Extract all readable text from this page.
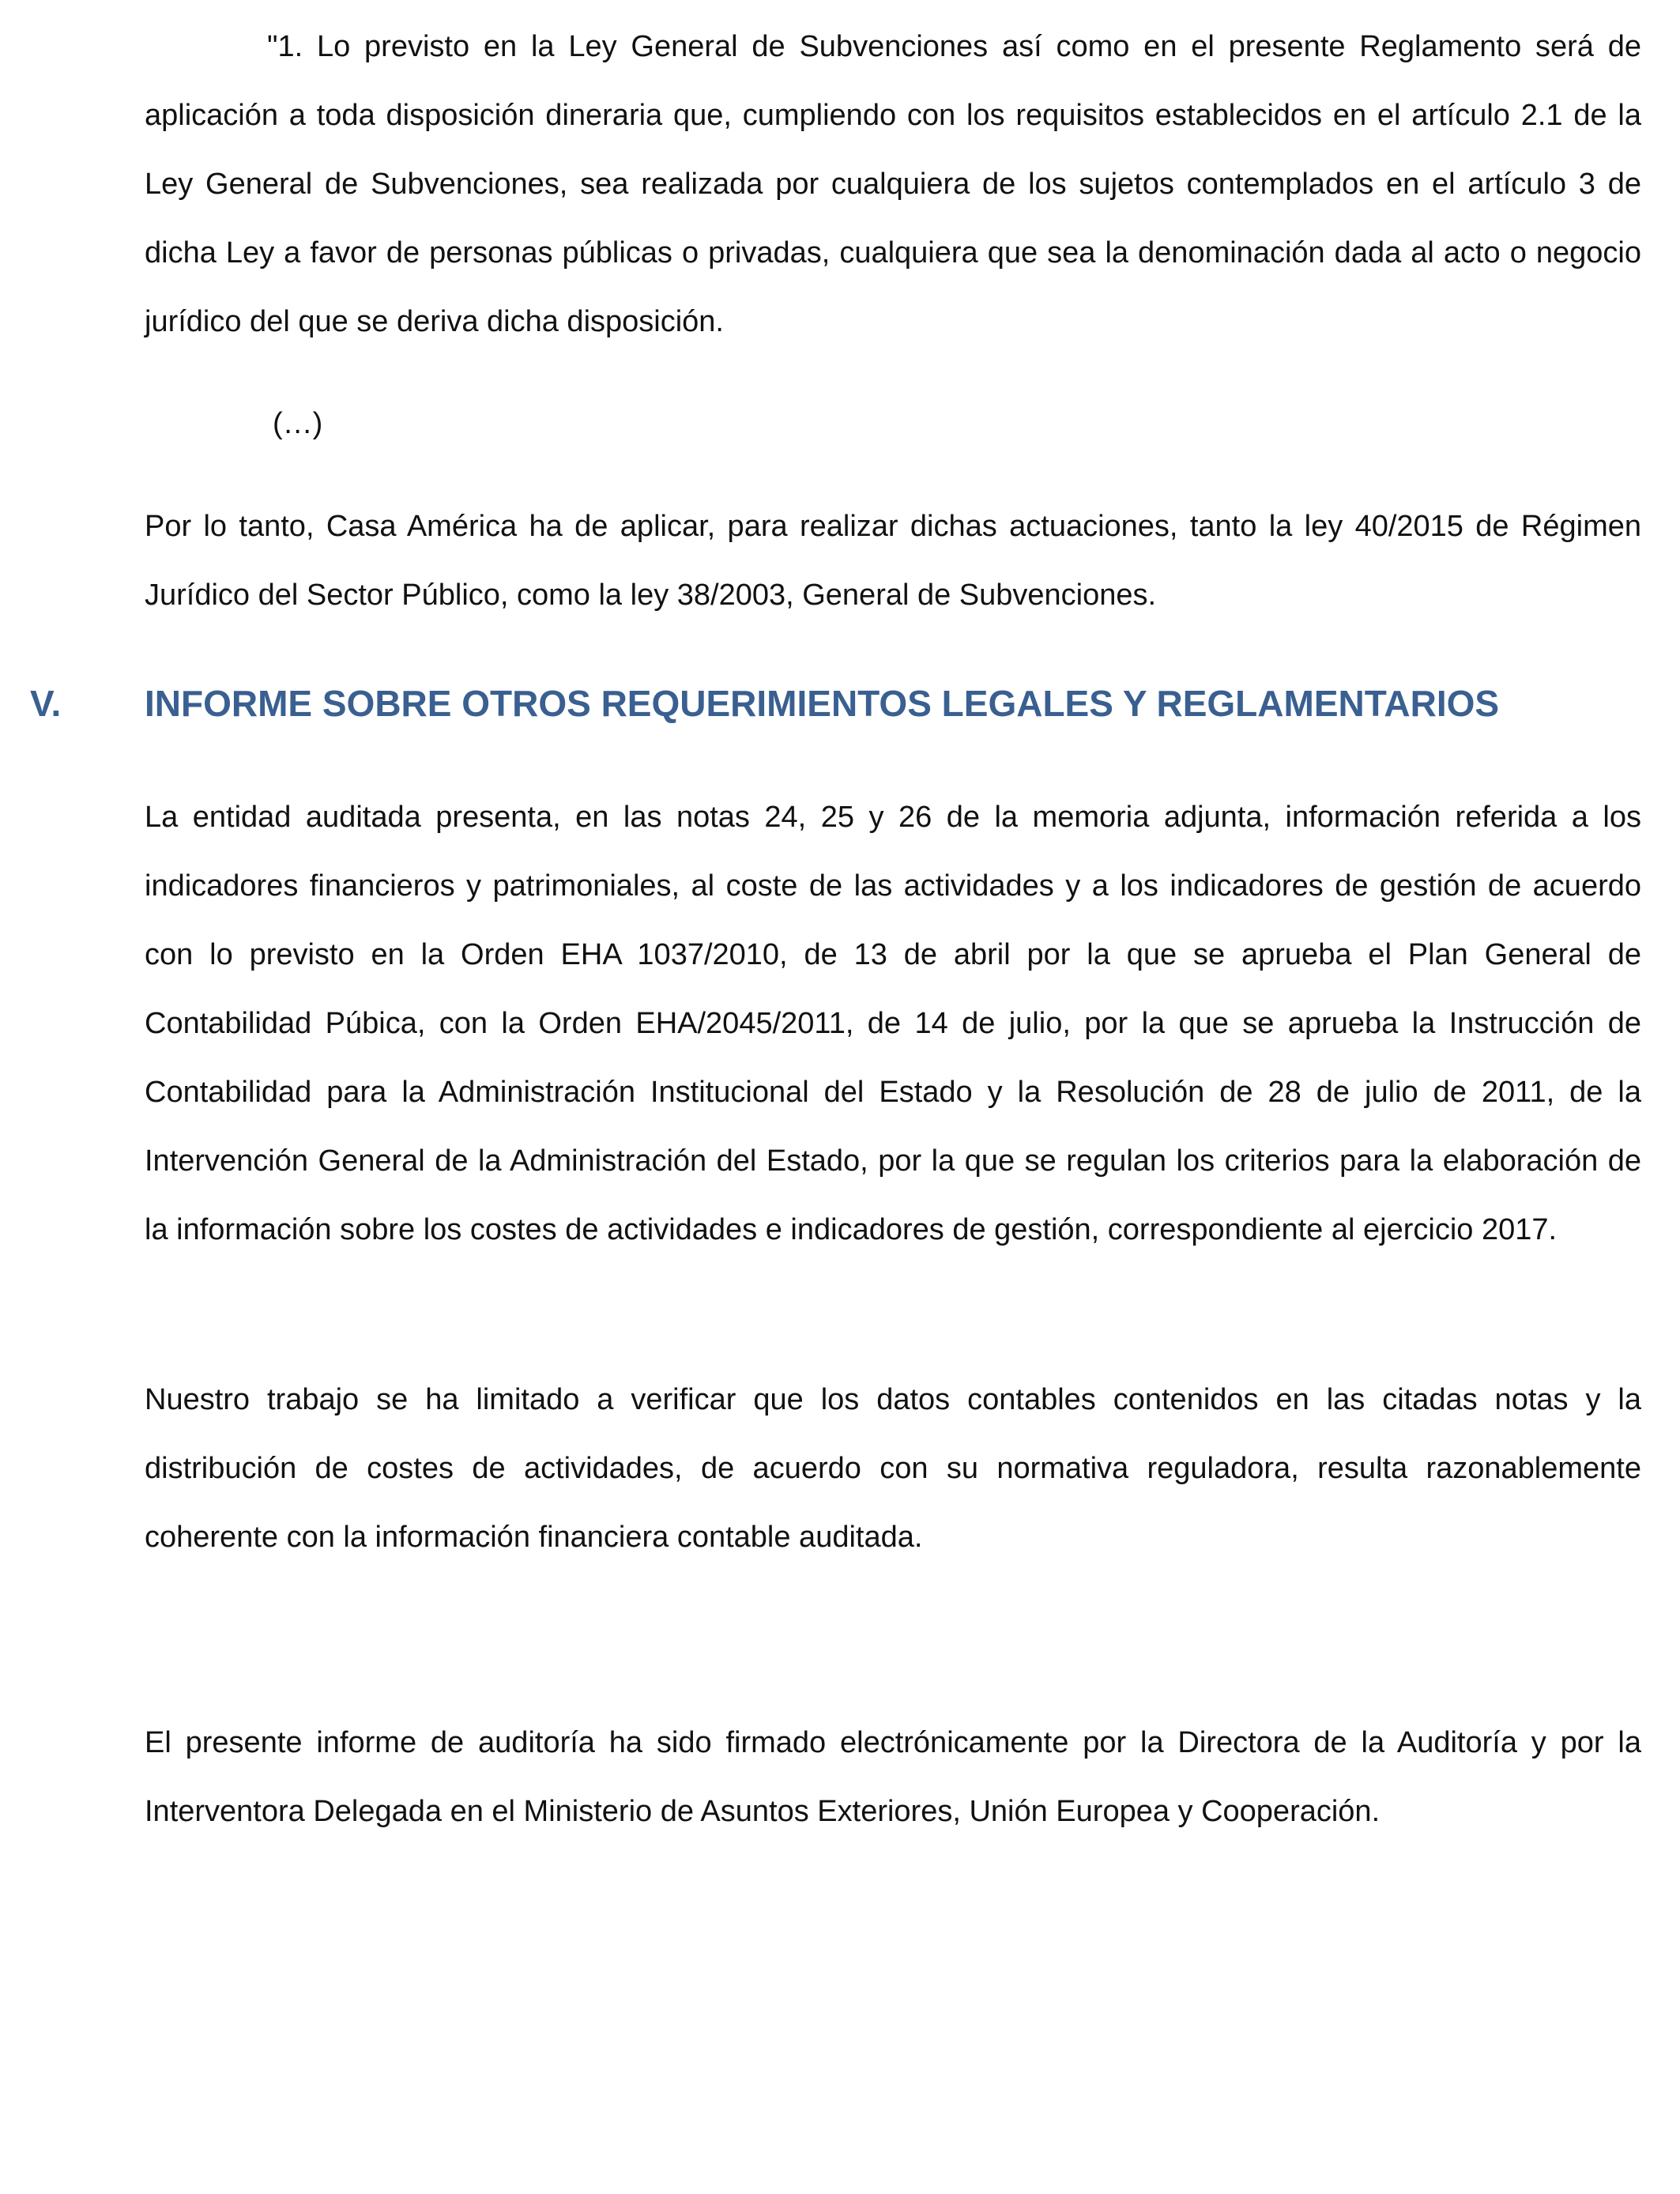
"1. Lo previsto en la Ley General de Subvenciones así como en el presente Reglamento será de aplicación a toda disposición dineraria que, cumpliendo con los requisitos establecidos en el artículo 2.1 de la Ley General de Subvenciones, sea realizada por cualquiera de los sujetos contemplados en el artículo 3 de dicha Ley a favor de personas públicas o privadas, cualquiera que sea la denominación dada al acto o negocio jurídico del que se deriva dicha disposición.

(…)

Por lo tanto, Casa América ha de aplicar, para realizar dichas actuaciones, tanto la ley 40/2015 de Régimen Jurídico del Sector Público, como la ley 38/2003, General de Subvenciones.

V. INFORME SOBRE OTROS REQUERIMIENTOS LEGALES Y REGLAMENTARIOS

La entidad auditada presenta, en las notas 24, 25 y 26 de la memoria adjunta, información referida a los indicadores financieros y patrimoniales, al coste de las actividades y a los indicadores de gestión de acuerdo con lo previsto en la Orden EHA 1037/2010, de 13 de abril por la que se aprueba el Plan General de Contabilidad Púbica, con la Orden EHA/2045/2011, de 14 de julio, por la que se aprueba la Instrucción de Contabilidad para la Administración Institucional del Estado y la Resolución de 28 de julio de 2011, de la Intervención General de la Administración del Estado, por la que se regulan los criterios para la elaboración de la información sobre los costes de actividades e indicadores de gestión, correspondiente al ejercicio 2017.

Nuestro trabajo se ha limitado a verificar que los datos contables contenidos en las citadas notas y la distribución de costes de actividades, de acuerdo con su normativa reguladora, resulta razonablemente coherente con la información financiera contable auditada.

El presente informe de auditoría ha sido firmado electrónicamente por la Directora de la Auditoría y por la Interventora Delegada en el Ministerio de Asuntos Exteriores, Unión Europea y Cooperación.
